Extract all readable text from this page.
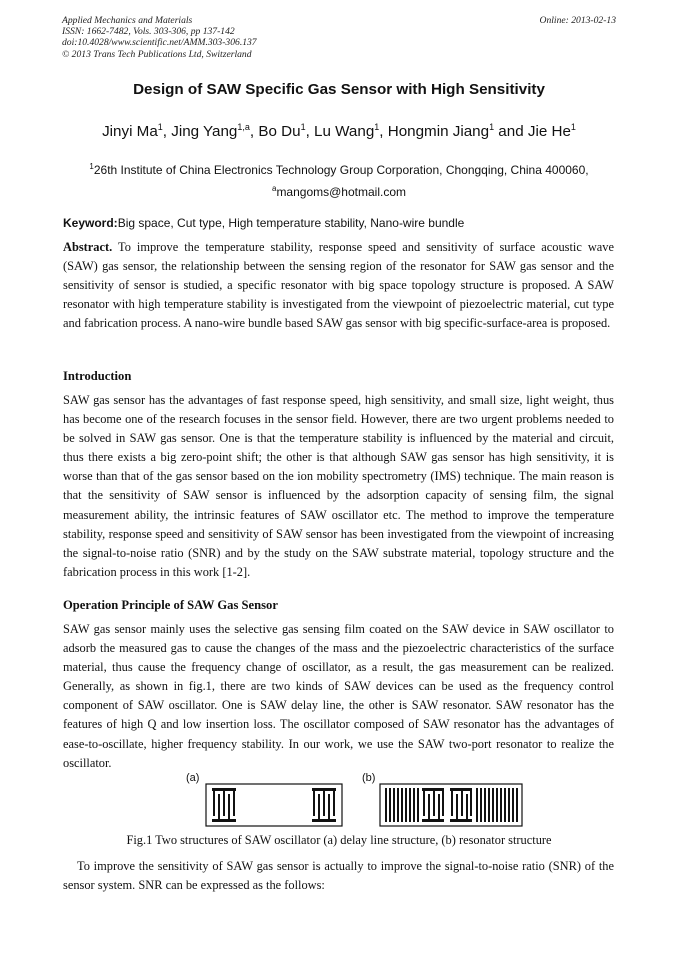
Applied Mechanics and Materials
ISSN: 1662-7482, Vols. 303-306, pp 137-142
doi:10.4028/www.scientific.net/AMM.303-306.137
© 2013 Trans Tech Publications Ltd, Switzerland
Online: 2013-02-13
Design of SAW Specific Gas Sensor with High Sensitivity
Jinyi Ma$^1$, Jing Yang$^{1,a}$, Bo Du$^1$, Lu Wang$^1$, Hongmin Jiang$^1$ and Jie He$^1$
$^1$26th Institute of China Electronics Technology Group Corporation, Chongqing, China 400060,
$^a$mangoms@hotmail.com
Keyword:Big space, Cut type, High temperature stability, Nano-wire bundle

Abstract. To improve the temperature stability, response speed and sensitivity of surface acoustic wave (SAW) gas sensor, the relationship between the sensing region of the resonator for SAW gas sensor and the sensitivity of sensor is studied, a specific resonator with big space topology structure is proposed. A SAW resonator with high temperature stability is investigated from the viewpoint of piezoelectric material, cut type and fabrication process. A nano-wire bundle based SAW gas sensor with big specific-surface-area is proposed.

Introduction

SAW gas sensor has the advantages of fast response speed, high sensitivity, and small size, light weight, thus has become one of the research focuses in the sensor field. However, there are two urgent problems needed to be solved in SAW gas sensor. One is that the temperature stability is influenced by the material and circuit, thus there exists a big zero-point shift; the other is that although SAW gas sensor has high sensitivity, it is worse than that of the gas sensor based on the ion mobility spectrometry (IMS) technique. The main reason is that the sensitivity of SAW sensor is influenced by the adsorption capacity of sensing film, the signal measurement ability, the intrinsic features of SAW oscillator etc. The method to improve the temperature stability, response speed and sensitivity of SAW sensor has been investigated from the viewpoint of increasing the signal-to-noise ratio (SNR) and by the study on the SAW substrate material, topology structure and the fabrication process in this work [1-2].

Operation Principle of SAW Gas Sensor

SAW gas sensor mainly uses the selective gas sensing film coated on the SAW device in SAW oscillator to adsorb the measured gas to cause the changes of the mass and the piezoelectric characteristics of the surface material, thus cause the frequency change of oscillator, as a result, the gas measurement can be realized. Generally, as shown in fig.1, there are two kinds of SAW devices can be used as the frequency control component of SAW oscillator. One is SAW delay line, the other is SAW resonator. SAW resonator has the features of high Q and low insertion loss. The oscillator composed of SAW resonator has the advantages of ease-to-oscillate, higher frequency stability. In our work, we use the SAW two-port resonator to realize the oscillator.

(a)	(b)
Fig.1 Two structures of SAW oscillator (a) delay line structure, (b) resonator structure

To improve the sensitivity of SAW gas sensor is actually to improve the signal-to-noise ratio (SNR) of the sensor system. SNR can be expressed as the follows:
